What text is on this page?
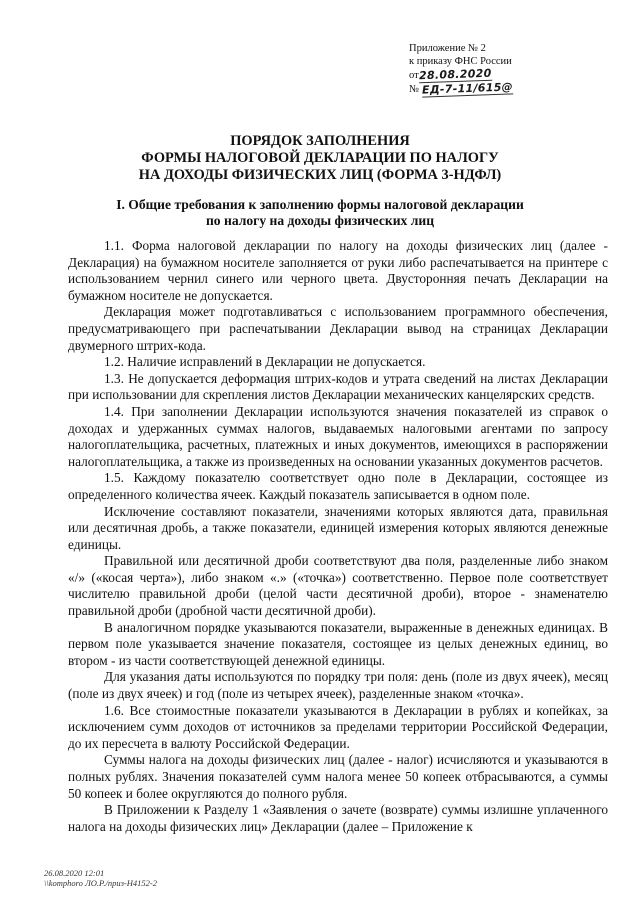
Приложение № 2
к приказу ФНС России
от28.08.2020
№ ЕД-7-11/615@
ПОРЯДОК ЗАПОЛНЕНИЯ
ФОРМЫ НАЛОГОВОЙ ДЕКЛАРАЦИИ ПО НАЛОГУ
НА ДОХОДЫ ФИЗИЧЕСКИХ ЛИЦ (ФОРМА 3-НДФЛ)
I. Общие требования к заполнению формы налоговой декларации
по налогу на доходы физических лиц

1.1. Форма налоговой декларации по налогу на доходы физических лиц (далее - Декларация) на бумажном носителе заполняется от руки либо распечатывается на принтере с использованием чернил синего или черного цвета. Двусторонняя печать Декларации на бумажном носителе не допускается.

Декларация может подготавливаться с использованием программного обеспечения, предусматривающего при распечатывании Декларации вывод на страницах Декларации двумерного штрих-кода.

1.2. Наличие исправлений в Декларации не допускается.

1.3. Не допускается деформация штрих-кодов и утрата сведений на листах Декларации при использовании для скрепления листов Декларации механических канцелярских средств.

1.4. При заполнении Декларации используются значения показателей из справок о доходах и удержанных суммах налогов, выдаваемых налоговыми агентами по запросу налогоплательщика, расчетных, платежных и иных документов, имеющихся в распоряжении налогоплательщика, а также из произведенных на основании указанных документов расчетов.

1.5. Каждому показателю соответствует одно поле в Декларации, состоящее из определенного количества ячеек. Каждый показатель записывается в одном поле.

Исключение составляют показатели, значениями которых являются дата, правильная или десятичная дробь, а также показатели, единицей измерения которых являются денежные единицы.

Правильной или десятичной дроби соответствуют два поля, разделенные либо знаком «/» («косая черта»), либо знаком «.» («точка») соответственно. Первое поле соответствует числителю правильной дроби (целой части десятичной дроби), второе - знаменателю правильной дроби (дробной части десятичной дроби).

В аналогичном порядке указываются показатели, выраженные в денежных единицах. В первом поле указывается значение показателя, состоящее из целых денежных единиц, во втором - из части соответствующей денежной единицы.

Для указания даты используются по порядку три поля: день (поле из двух ячеек), месяц (поле из двух ячеек) и год (поле из четырех ячеек), разделенные знаком «точка».

1.6. Все стоимостные показатели указываются в Декларации в рублях и копейках, за исключением сумм доходов от источников за пределами территории Российской Федерации, до их пересчета в валюту Российской Федерации.

Суммы налога на доходы физических лиц (далее - налог) исчисляются и указываются в полных рублях. Значения показателей сумм налога менее 50 копеек отбрасываются, а суммы 50 копеек и более округляются до полного рубля.

В Приложении к Разделу 1 «Заявления о зачете (возврате) суммы излишне уплаченного налога на доходы физических лиц» Декларации (далее – Приложение к

26.08.2020 12:01
\\komphoro ЛО.Р./приз-Н4152-2
